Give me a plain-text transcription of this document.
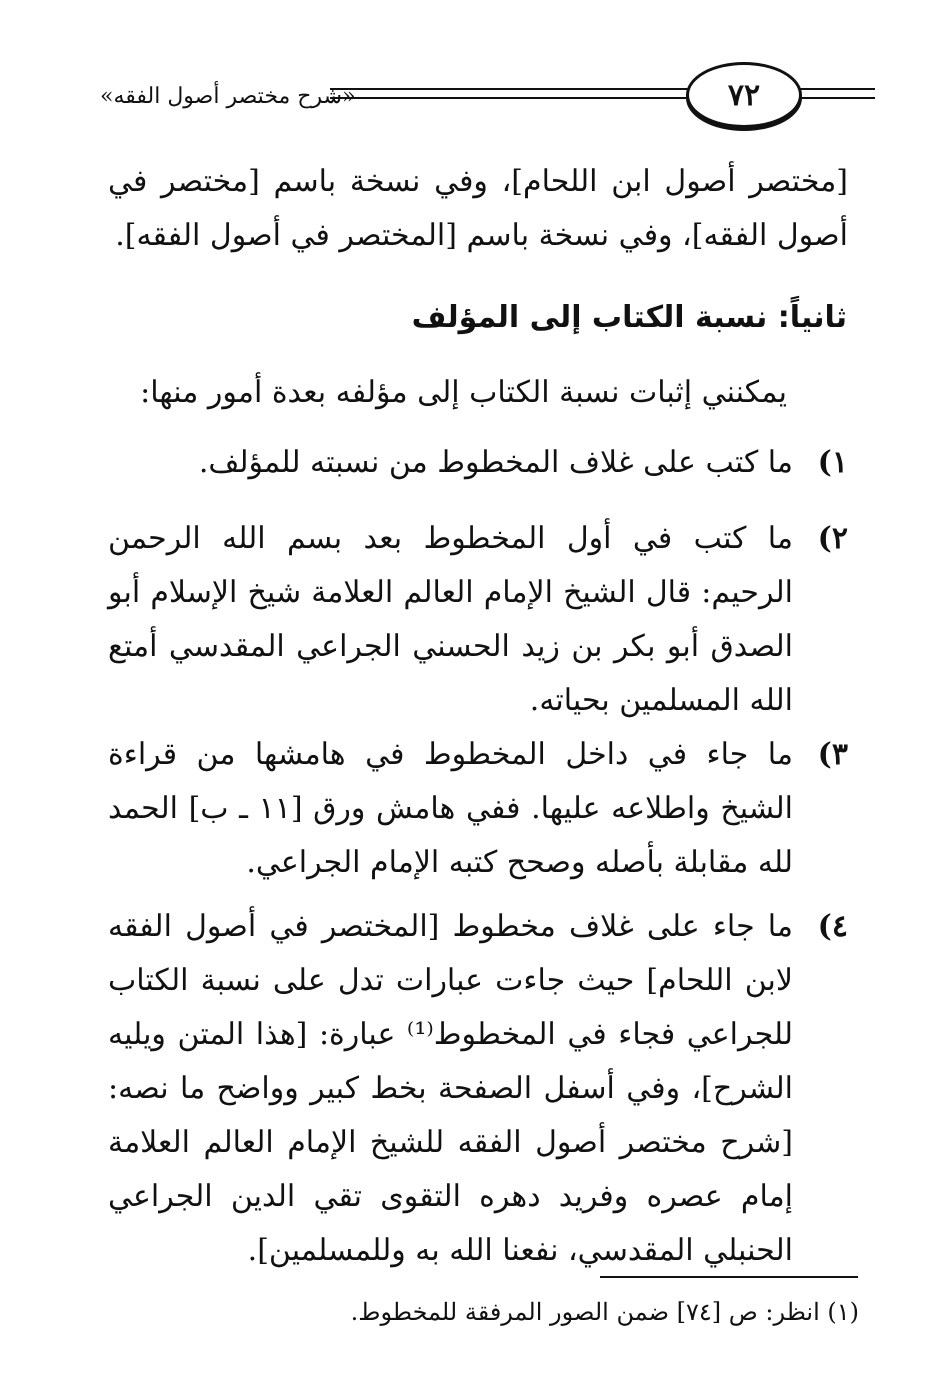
«شرح مختصر أصول الفقه»	٧٢
[مختصر أصول ابن اللحام]، وفي نسخة باسم [مختصر في أصول الفقه]، وفي نسخة باسم [المختصر في أصول الفقه].
ثانياً: نسبة الكتاب إلى المؤلف
يمكنني إثبات نسبة الكتاب إلى مؤلفه بعدة أمور منها:
١)
ما كتب على غلاف المخطوط من نسبته للمؤلف.
٢)
ما كتب في أول المخطوط بعد بسم الله الرحمن الرحيم: قال الشيخ الإمام العالم العلامة شيخ الإسلام أبو الصدق أبو بكر بن زيد الحسني الجراعي المقدسي أمتع الله المسلمين بحياته.
٣)
ما جاء في داخل المخطوط في هامشها من قراءة الشيخ واطلاعه عليها. ففي هامش ورق [١١ ـ ب] الحمد لله مقابلة بأصله وصحح كتبه الإمام الجراعي.
٤)
ما جاء على غلاف مخطوط [المختصر في أصول الفقه لابن اللحام] حيث جاءت عبارات تدل على نسبة الكتاب للجراعي فجاء في المخطوط⁽¹⁾ عبارة: [هذا المتن ويليه الشرح]، وفي أسفل الصفحة بخط كبير وواضح ما نصه: [شرح مختصر أصول الفقه للشيخ الإمام العالم العلامة إمام عصره وفريد دهره التقوى تقي الدين الجراعي الحنبلي المقدسي، نفعنا الله به وللمسلمين].
(١) انظر: ص [٧٤] ضمن الصور المرفقة للمخطوط.
